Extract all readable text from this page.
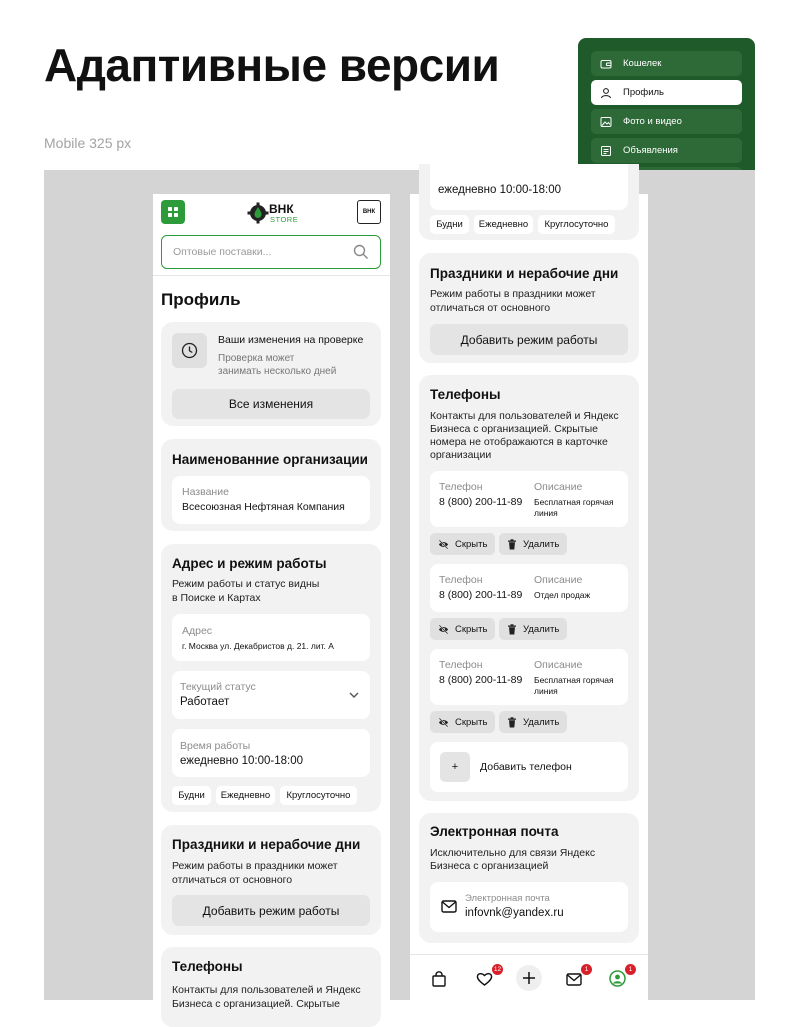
Адаптивные версии
Mobile 325 px
Кошелек
Профиль
Фото и видео
Объявления
ВНК
STORE
ВНК
Оптовые поставки...
Профиль
Ваши изменения на проверке
Проверка может
занимать несколько дней
Все изменения
Наименованние организации
Название
Всесоюзная Нефтяная Компания
Адрес и режим работы
Режим работы и статус видны
в Поиске и Картах
Адрес
г. Москва ул. Декабристов д. 21. лит. А
Текущий статус
Работает
Время работы
ежедневно 10:00-18:00
Будни	Ежедневно	Круглосуточно
Праздники и нерабочие дни
Режим работы в праздники может
отличаться от основного
Добавить режим работы
Телефоны
Контакты для пользователей и Яндекс
Бизнеса с организацией. Скрытые
ежедневно 10:00-18:00
Будни	Ежедневно	Круглосуточно
Праздники и нерабочие дни
Режим работы в праздники может
отличаться от основного
Добавить режим работы
Телефоны
Контакты для пользователей и Яндекс
Бизнеса с организацией. Скрытые
номера не отображаются в карточке
организации
Телефон
8 (800) 200-11-89
Описание
Бесплатная горячая
линия
Скрыть	Удалить
Телефон
8 (800) 200-11-89
Описание
Отдел продаж
Скрыть	Удалить
Телефон
8 (800) 200-11-89
Описание
Бесплатная горячая
линия
Скрыть	Удалить
+	Добавить телефон
Электронная почта
Исключительно для связи Яндекс
Бизнеса с организацией
Электронная почта
infovnk@yandex.ru
12	1	1
